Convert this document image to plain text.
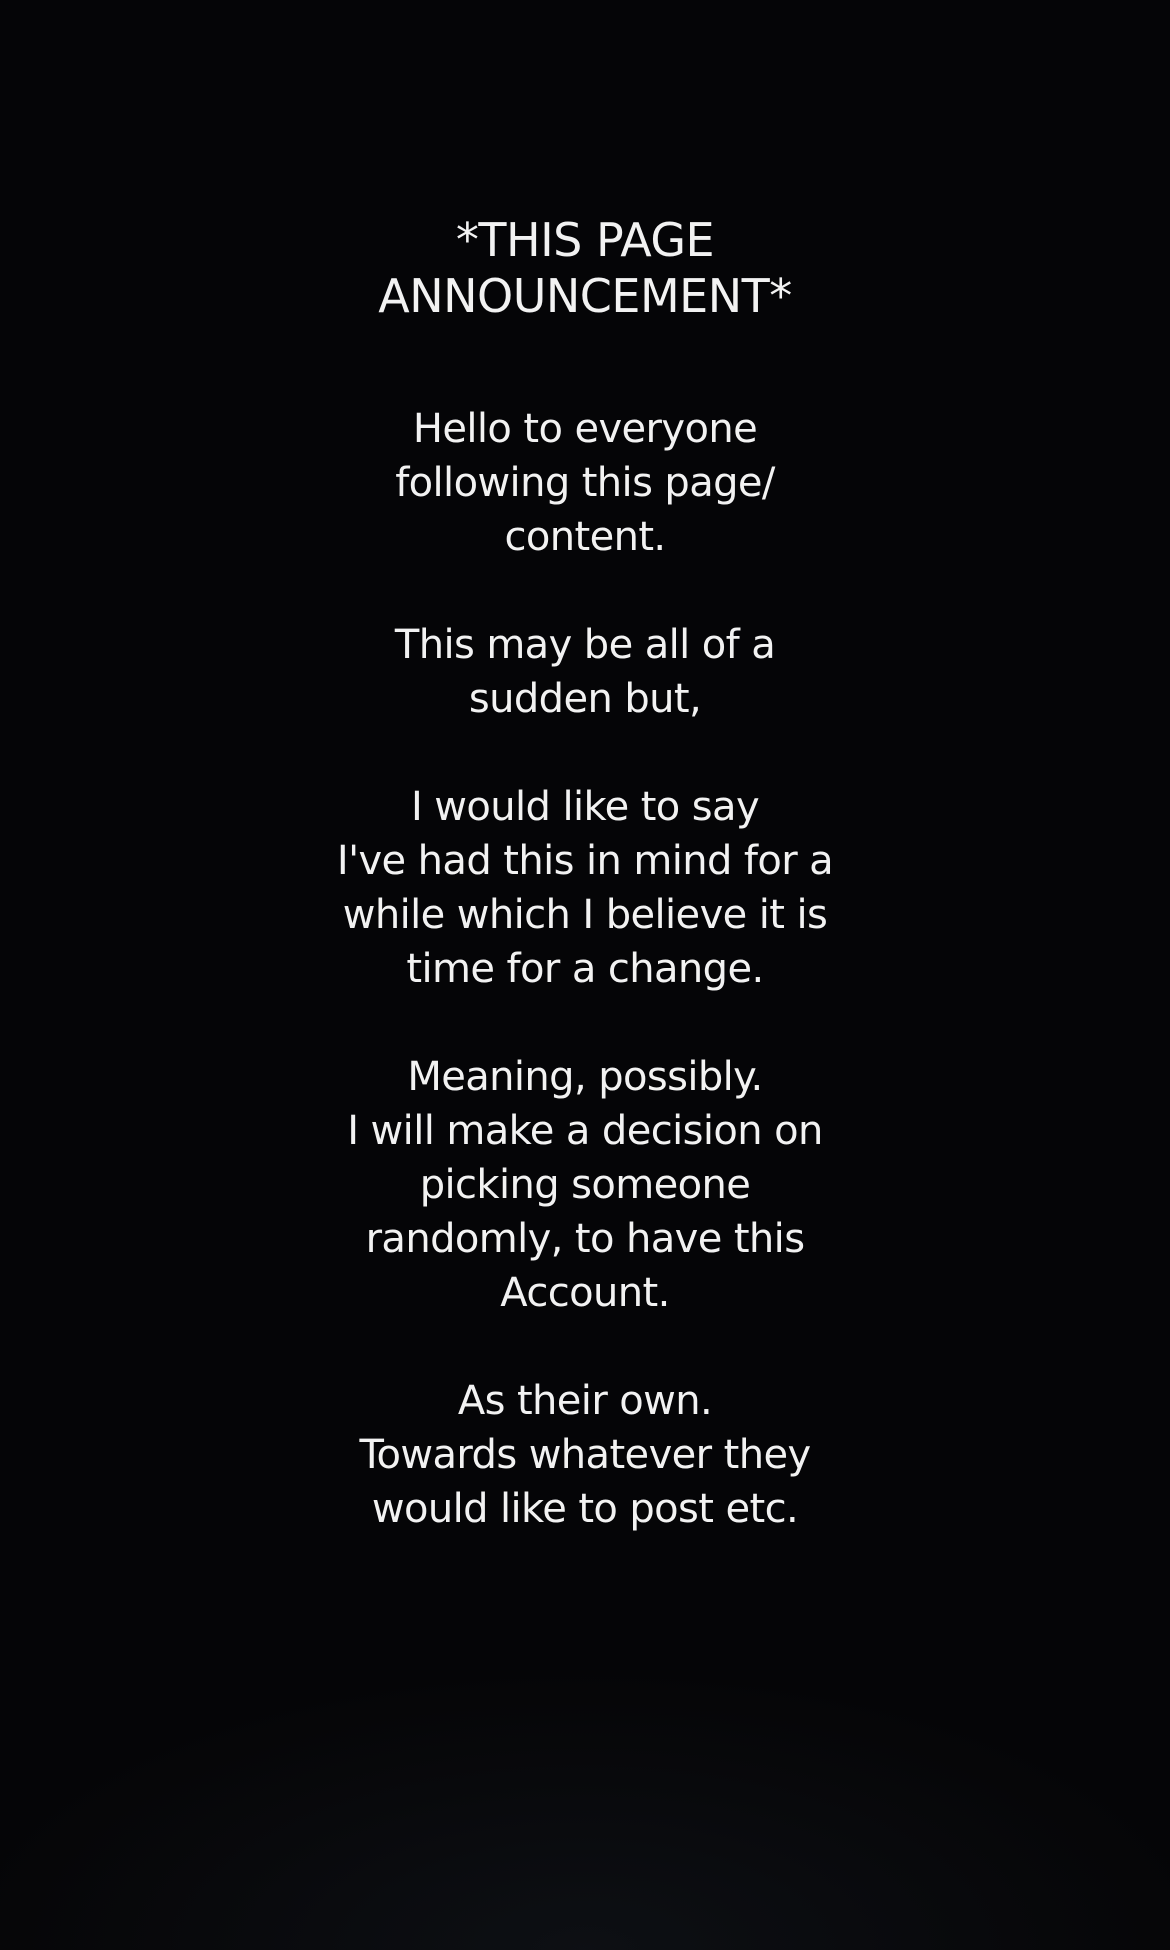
*THIS PAGE
ANNOUNCEMENT*

Hello to everyone
following this page/
content.

This may be all of a
sudden but,

I would like to say
I've had this in mind for a
while which I believe it is
time for a change.

Meaning, possibly.
I will make a decision on
picking someone
randomly, to have this
Account.

As their own.
Towards whatever they
would like to post etc.
